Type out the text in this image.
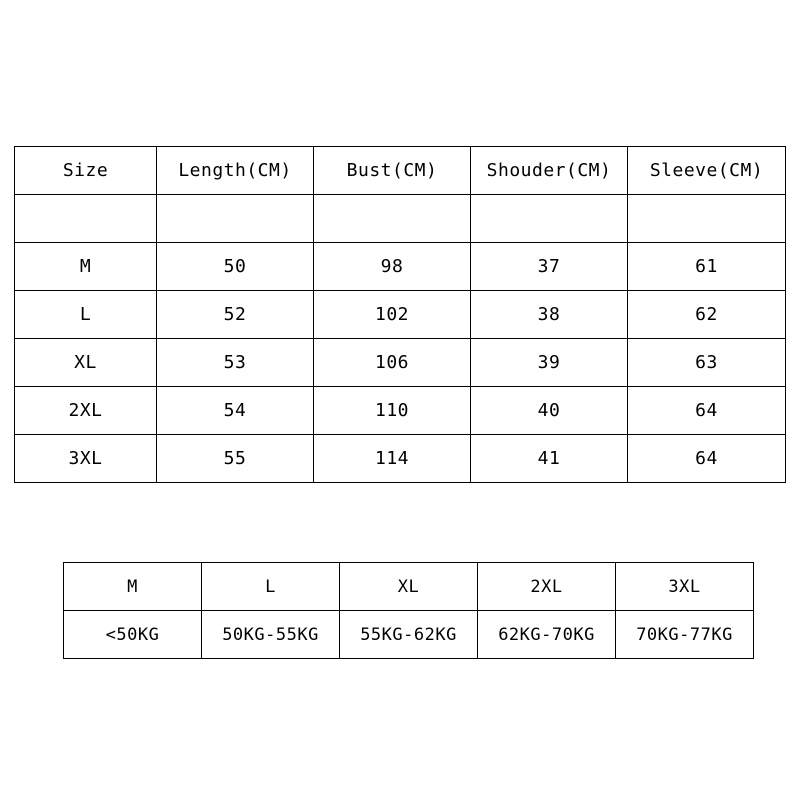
Size	Length(CM)	Bust(CM)	Shouder(CM)	Sleeve(CM)

M	50	98	37	61
L	52	102	38	62
XL	53	106	39	63
2XL	54	110	40	64
3XL	55	114	41	64
M	L	XL	2XL	3XL
<50KG	50KG-55KG	55KG-62KG	62KG-70KG	70KG-77KG
